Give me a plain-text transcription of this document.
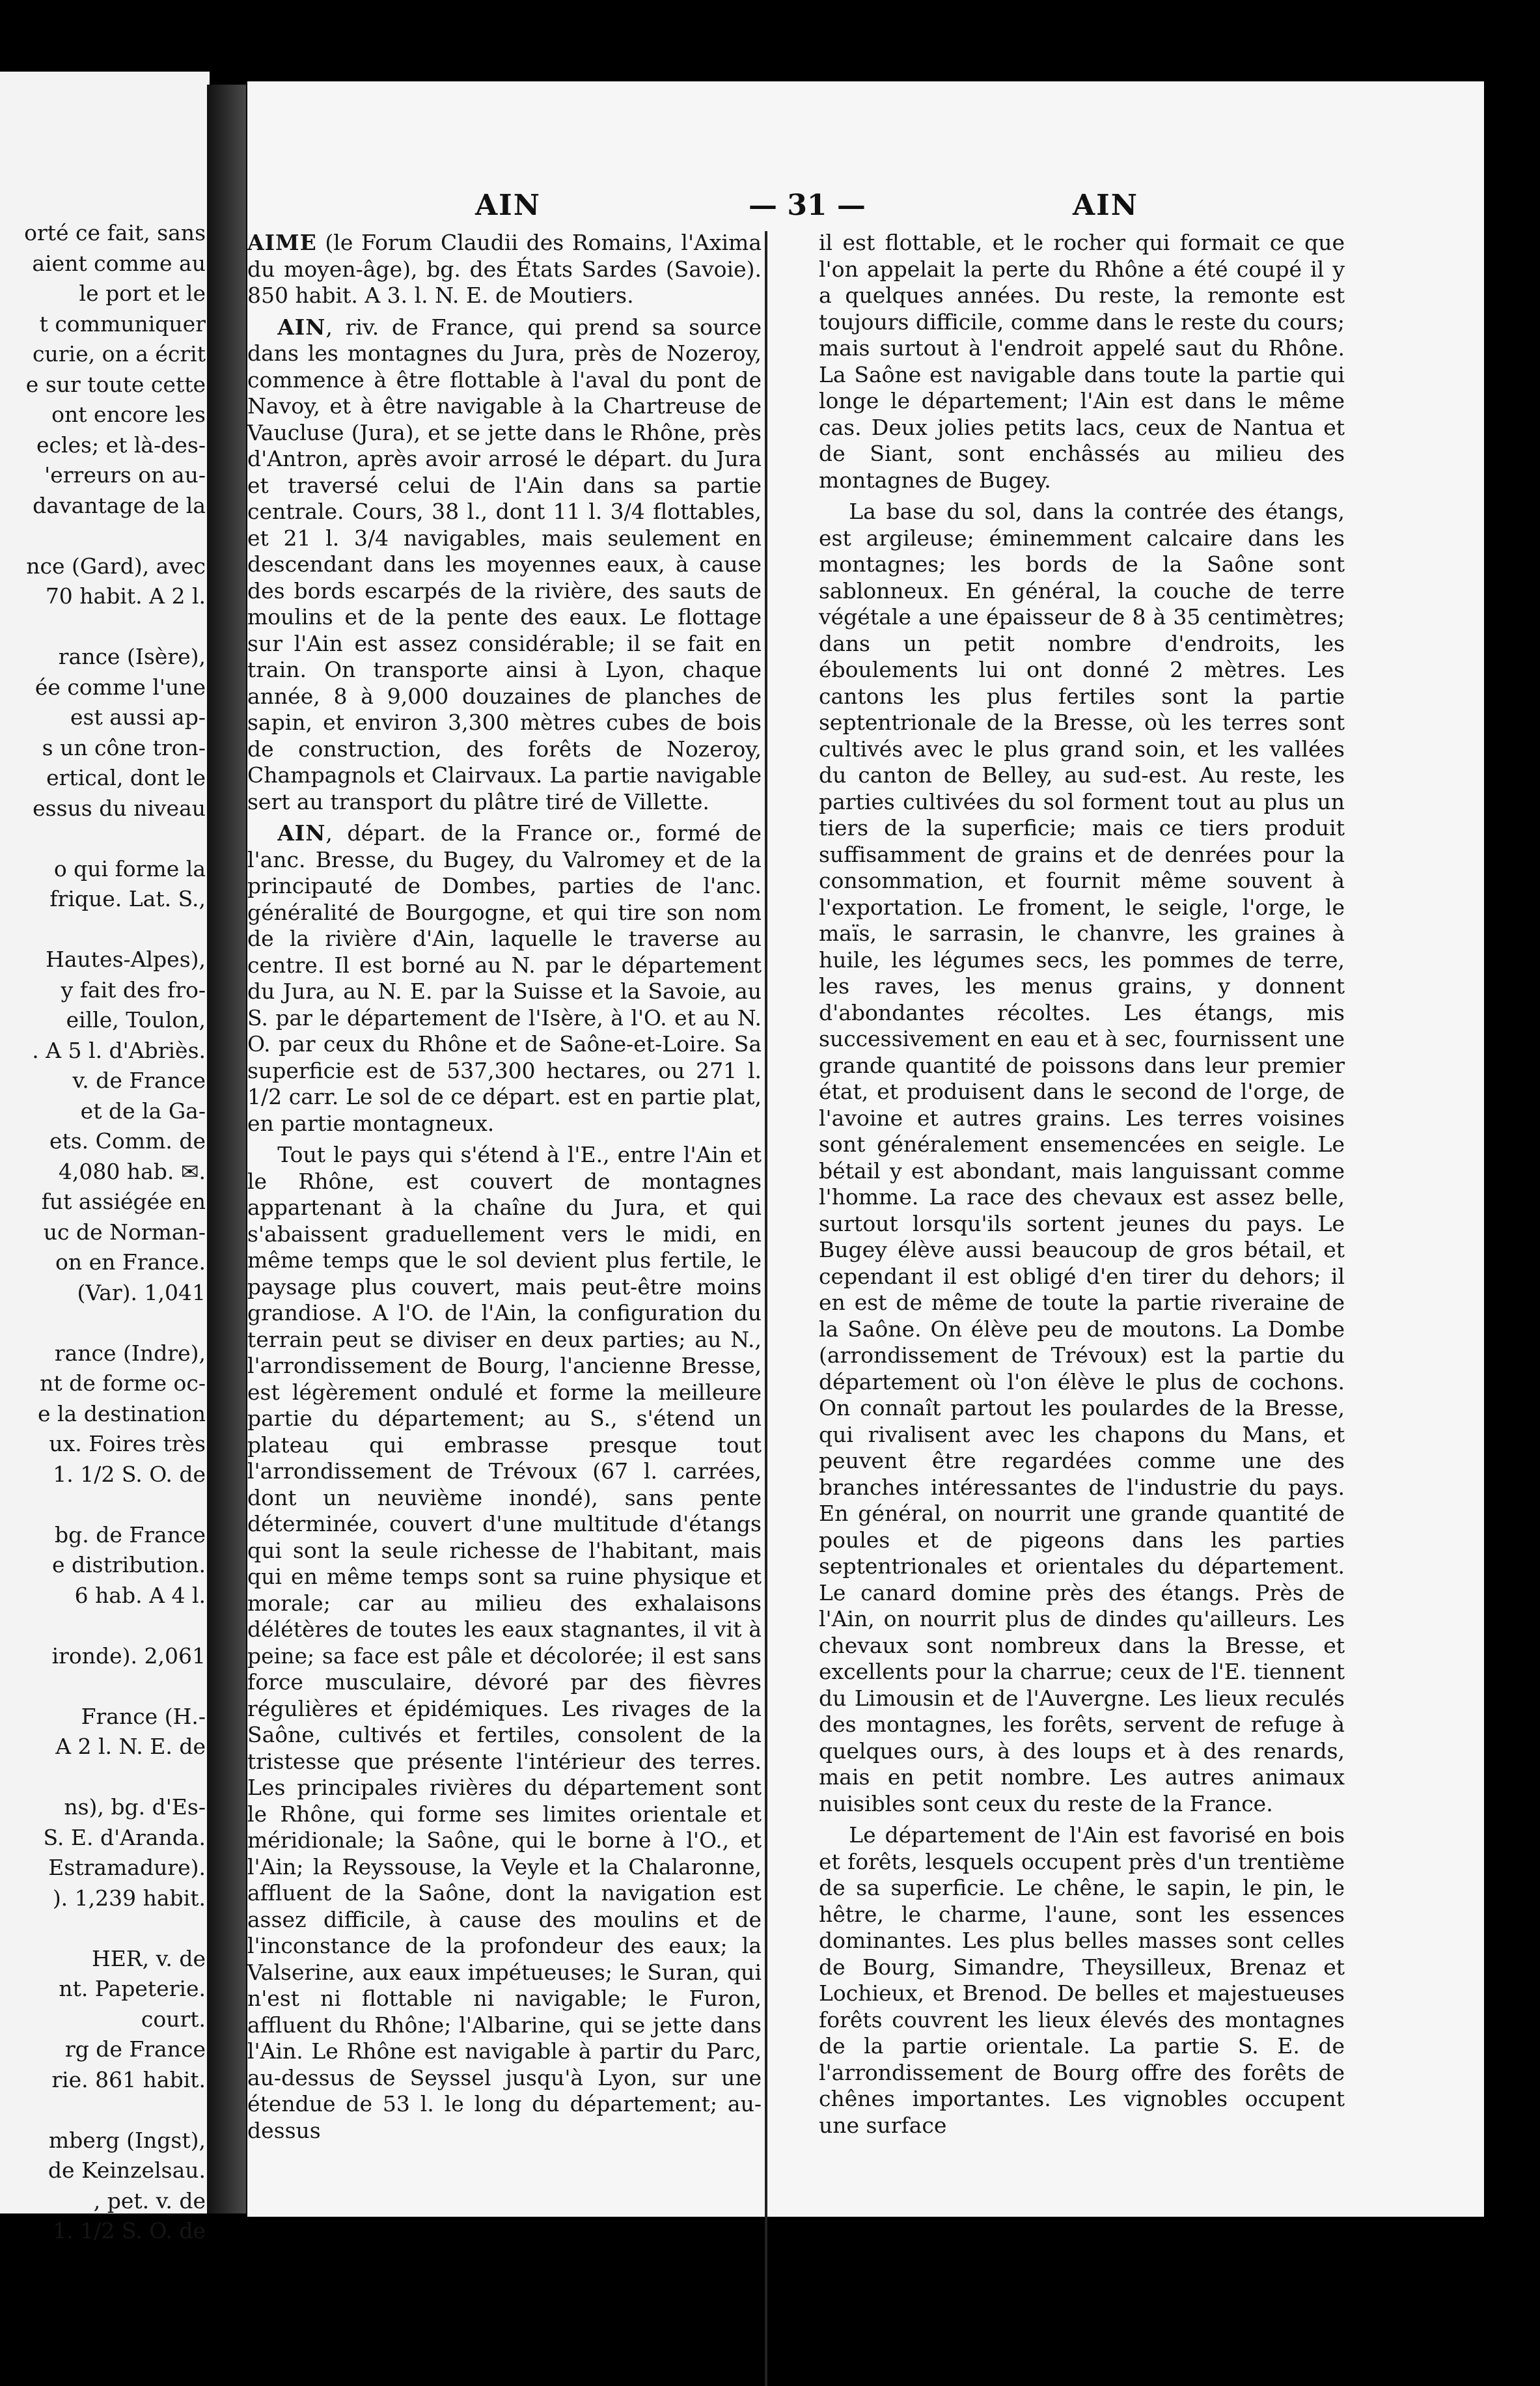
orté ce fait, sans
aient comme au
le port et le
t communiquer
curie, on a écrit
e sur toute cette
ont encore les
ecles; et là-des-
'erreurs on au-
davantage de la

nce (Gard), avec
70 habit. A 2 l.

rance (Isère),
ée comme l'une
est aussi ap-
s un cône tron-
ertical, dont le
essus du niveau

o qui forme la
frique. Lat. S.,

Hautes-Alpes),
y fait des fro-
eille, Toulon,
. A 5 l. d'Abriès.
v. de France
et de la Ga-
ets. Comm. de
4,080 hab. ✉.
fut assiégée en
uc de Norman-
on en France.
(Var). 1,041

rance (Indre),
nt de forme oc-
e la destination
ux. Foires très
1. 1/2 S. O. de

bg. de France
e distribution.
6 hab. A 4 l.

ironde). 2,061

France (H.-
A 2 l. N. E. de

ns), bg. d'Es-
S. E. d'Aranda.
Estramadure).
). 1,239 habit.

HER, v. de
nt. Papeterie.
court.
rg de France
rie. 861 habit.

mberg (Ingst),
de Keinzelsau.
, pet. v. de
1. 1/2 S. O. de
AIN	— 31 —	AIN

AIME (le Forum Claudii des Romains, l'Axima du moyen-âge), bg. des États Sardes (Savoie). 850 habit. A 3. l. N. E. de Moutiers.

AIN, riv. de France, qui prend sa source dans les montagnes du Jura, près de Nozeroy, commence à être flottable à l'aval du pont de Navoy, et à être navigable à la Chartreuse de Vaucluse (Jura), et se jette dans le Rhône, près d'Antron, après avoir arrosé le départ. du Jura et traversé celui de l'Ain dans sa partie centrale. Cours, 38 l., dont 11 l. 3/4 flottables, et 21 l. 3/4 navigables, mais seulement en descendant dans les moyennes eaux, à cause des bords escarpés de la rivière, des sauts de moulins et de la pente des eaux. Le flottage sur l'Ain est assez considérable; il se fait en train. On transporte ainsi à Lyon, chaque année, 8 à 9,000 douzaines de planches de sapin, et environ 3,300 mètres cubes de bois de construction, des forêts de Nozeroy, Champagnols et Clairvaux. La partie navigable sert au transport du plâtre tiré de Villette.

AIN, départ. de la France or., formé de l'anc. Bresse, du Bugey, du Valromey et de la principauté de Dombes, parties de l'anc. généralité de Bourgogne, et qui tire son nom de la rivière d'Ain, laquelle le traverse au centre. Il est borné au N. par le département du Jura, au N. E. par la Suisse et la Savoie, au S. par le département de l'Isère, à l'O. et au N. O. par ceux du Rhône et de Saône-et-Loire. Sa superficie est de 537,300 hectares, ou 271 l. 1/2 carr. Le sol de ce départ. est en partie plat, en partie montagneux.

Tout le pays qui s'étend à l'E., entre l'Ain et le Rhône, est couvert de montagnes appartenant à la chaîne du Jura, et qui s'abaissent graduellement vers le midi, en même temps que le sol devient plus fertile, le paysage plus couvert, mais peut-être moins grandiose. A l'O. de l'Ain, la configuration du terrain peut se diviser en deux parties; au N., l'arrondissement de Bourg, l'ancienne Bresse, est légèrement ondulé et forme la meilleure partie du département; au S., s'étend un plateau qui embrasse presque tout l'arrondissement de Trévoux (67 l. carrées, dont un neuvième inondé), sans pente déterminée, couvert d'une multitude d'étangs qui sont la seule richesse de l'habitant, mais qui en même temps sont sa ruine physique et morale; car au milieu des exhalaisons délétères de toutes les eaux stagnantes, il vit à peine; sa face est pâle et décolorée; il est sans force musculaire, dévoré par des fièvres régulières et épidémiques. Les rivages de la Saône, cultivés et fertiles, consolent de la tristesse que présente l'intérieur des terres. Les principales rivières du département sont le Rhône, qui forme ses limites orientale et méridionale; la Saône, qui le borne à l'O., et l'Ain; la Reyssouse, la Veyle et la Chalaronne, affluent de la Saône, dont la navigation est assez difficile, à cause des moulins et de l'inconstance de la profondeur des eaux; la Valserine, aux eaux impétueuses; le Suran, qui n'est ni flottable ni navigable; le Furon, affluent du Rhône; l'Albarine, qui se jette dans l'Ain. Le Rhône est navigable à partir du Parc, au-dessus de Seyssel jusqu'à Lyon, sur une étendue de 53 l. le long du département; au-dessus

il est flottable, et le rocher qui formait ce que l'on appelait la perte du Rhône a été coupé il y a quelques années. Du reste, la remonte est toujours difficile, comme dans le reste du cours; mais surtout à l'endroit appelé saut du Rhône. La Saône est navigable dans toute la partie qui longe le département; l'Ain est dans le même cas. Deux jolies petits lacs, ceux de Nantua et de Siant, sont enchâssés au milieu des montagnes de Bugey.

La base du sol, dans la contrée des étangs, est argileuse; éminemment calcaire dans les montagnes; les bords de la Saône sont sablonneux. En général, la couche de terre végétale a une épaisseur de 8 à 35 centimètres; dans un petit nombre d'endroits, les éboulements lui ont donné 2 mètres. Les cantons les plus fertiles sont la partie septentrionale de la Bresse, où les terres sont cultivés avec le plus grand soin, et les vallées du canton de Belley, au sud-est. Au reste, les parties cultivées du sol forment tout au plus un tiers de la superficie; mais ce tiers produit suffisamment de grains et de denrées pour la consommation, et fournit même souvent à l'exportation. Le froment, le seigle, l'orge, le maïs, le sarrasin, le chanvre, les graines à huile, les légumes secs, les pommes de terre, les raves, les menus grains, y donnent d'abondantes récoltes. Les étangs, mis successivement en eau et à sec, fournissent une grande quantité de poissons dans leur premier état, et produisent dans le second de l'orge, de l'avoine et autres grains. Les terres voisines sont généralement ensemencées en seigle. Le bétail y est abondant, mais languissant comme l'homme. La race des chevaux est assez belle, surtout lorsqu'ils sortent jeunes du pays. Le Bugey élève aussi beaucoup de gros bétail, et cependant il est obligé d'en tirer du dehors; il en est de même de toute la partie riveraine de la Saône. On élève peu de moutons. La Dombe (arrondissement de Trévoux) est la partie du département où l'on élève le plus de cochons. On connaît partout les poulardes de la Bresse, qui rivalisent avec les chapons du Mans, et peuvent être regardées comme une des branches intéressantes de l'industrie du pays. En général, on nourrit une grande quantité de poules et de pigeons dans les parties septentrionales et orientales du département. Le canard domine près des étangs. Près de l'Ain, on nourrit plus de dindes qu'ailleurs. Les chevaux sont nombreux dans la Bresse, et excellents pour la charrue; ceux de l'E. tiennent du Limousin et de l'Auvergne. Les lieux reculés des montagnes, les forêts, servent de refuge à quelques ours, à des loups et à des renards, mais en petit nombre. Les autres animaux nuisibles sont ceux du reste de la France.

Le département de l'Ain est favorisé en bois et forêts, lesquels occupent près d'un trentième de sa superficie. Le chêne, le sapin, le pin, le hêtre, le charme, l'aune, sont les essences dominantes. Les plus belles masses sont celles de Bourg, Simandre, Theysilleux, Brenaz et Lochieux, et Brenod. De belles et majestueuses forêts couvrent les lieux élevés des montagnes de la partie orientale. La partie S. E. de l'arrondissement de Bourg offre des forêts de chênes importantes. Les vignobles occupent une surface
